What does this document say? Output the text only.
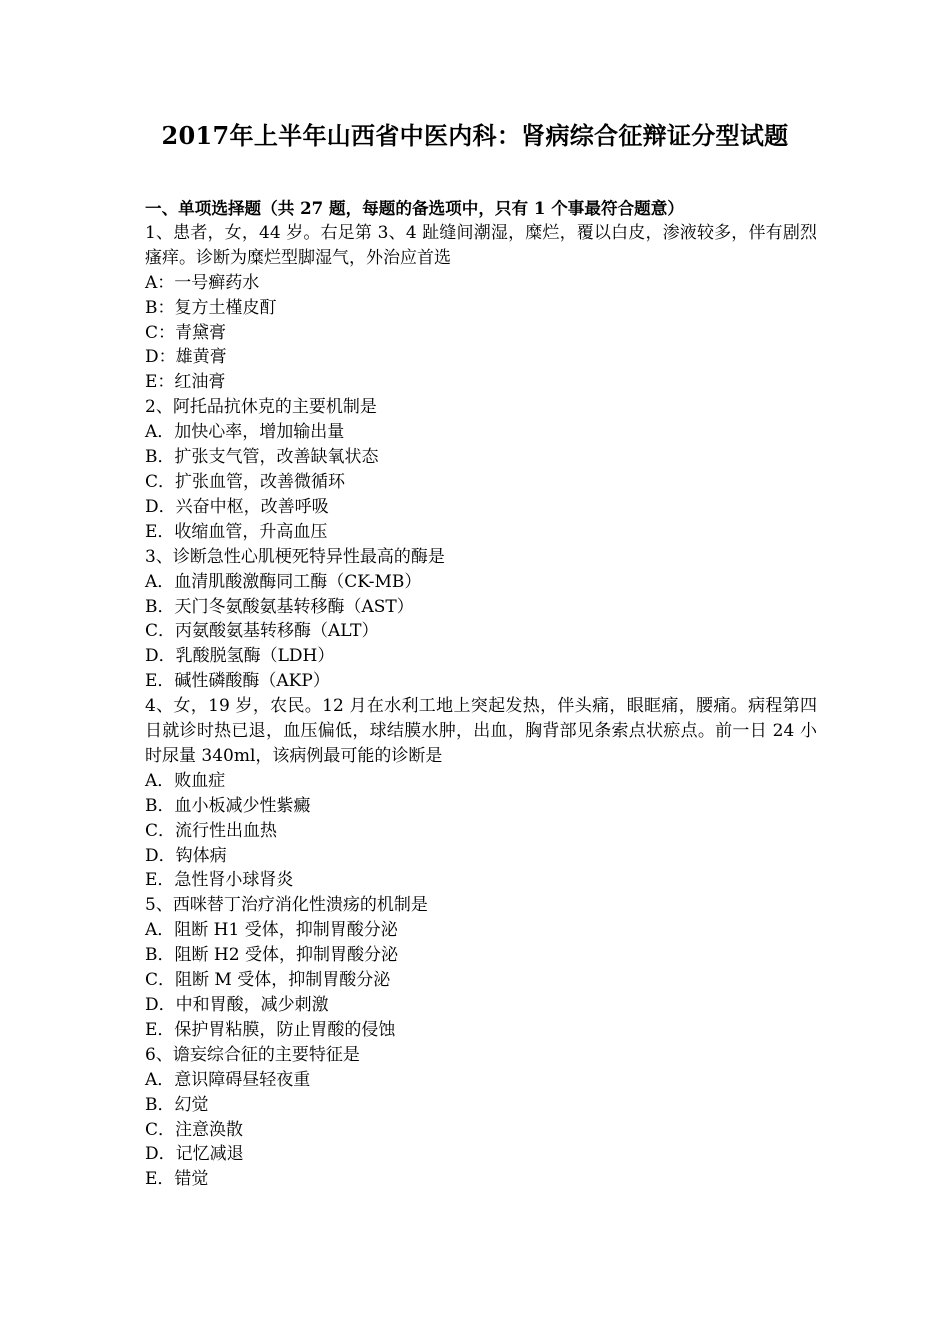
2017年上半年山西省中医内科：肾病综合征辩证分型试题
一、单项选择题（共 27 题，每题的备选项中，只有 1 个事最符合题意）
1、患者，女，44 岁。右足第 3、4 趾缝间潮湿，糜烂，覆以白皮，渗液较多，伴有剧烈瘙痒。诊断为糜烂型脚湿气，外治应首选
A：一号癣药水
B：复方土槿皮酊
C：青黛膏
D：雄黄膏
E：红油膏
2、阿托品抗休克的主要机制是
A．加快心率，增加输出量
B．扩张支气管，改善缺氧状态
C．扩张血管，改善微循环
D．兴奋中枢，改善呼吸
E．收缩血管，升高血压
3、诊断急性心肌梗死特异性最高的酶是
A．血清肌酸激酶同工酶（CK-MB）
B．天门冬氨酸氨基转移酶（AST）
C．丙氨酸氨基转移酶（ALT）
D．乳酸脱氢酶（LDH）
E．碱性磷酸酶（AKP）
4、女，19 岁，农民。12 月在水利工地上突起发热，伴头痛，眼眶痛，腰痛。病程第四日就诊时热已退，血压偏低，球结膜水肿，出血，胸背部见条索点状瘀点。前一日 24 小时尿量 340ml，该病例最可能的诊断是
A．败血症
B．血小板减少性紫癜
C．流行性出血热
D．钩体病
E．急性肾小球肾炎
5、西咪替丁治疗消化性溃疡的机制是
A．阻断 H1 受体，抑制胃酸分泌
B．阻断 H2 受体，抑制胃酸分泌
C．阻断 M 受体，抑制胃酸分泌
D．中和胃酸，减少刺激
E．保护胃粘膜，防止胃酸的侵蚀
6、谵妄综合征的主要特征是
A．意识障碍昼轻夜重
B．幻觉
C．注意涣散
D．记忆减退
E．错觉
